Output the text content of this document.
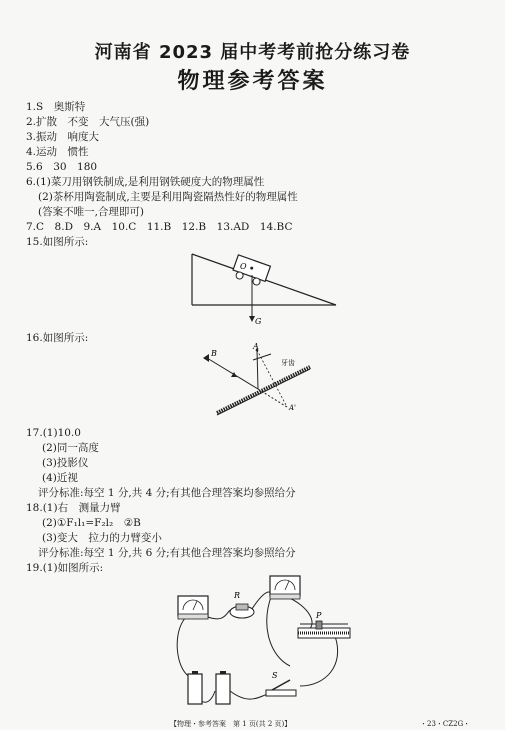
河南省 2023 届中考考前抢分练习卷
物理参考答案
1.S　奥斯特
2.扩散　不变　大气压(强)
3.振动　响度大
4.运动　惯性
5.6　30　180
6.(1)菜刀用钢铁制成,是利用钢铁硬度大的物理属性
(2)茶杯用陶瓷制成,主要是利用陶瓷隔热性好的物理属性
(答案不唯一,合理即可)
7.C　8.D　9.A　10.C　11.B　12.B　13.AD　14.BC
15.如图所示:
O
G
16.如图所示:
B
A
A'
牙齿
17.(1)10.0
(2)同一高度
(3)投影仪
(4)近视
评分标准:每空 1 分,共 4 分;有其他合理答案均参照给分
18.(1)右　测量力臂
(2)①F₁l₁=F₂l₂　②B
(3)变大　拉力的力臂变小
评分标准:每空 1 分,共 6 分;有其他合理答案均参照给分
19.(1)如图所示:
R
P
S
【物理・参考答案　第 1 页(共 2 页)】	・23・CZ2G・
